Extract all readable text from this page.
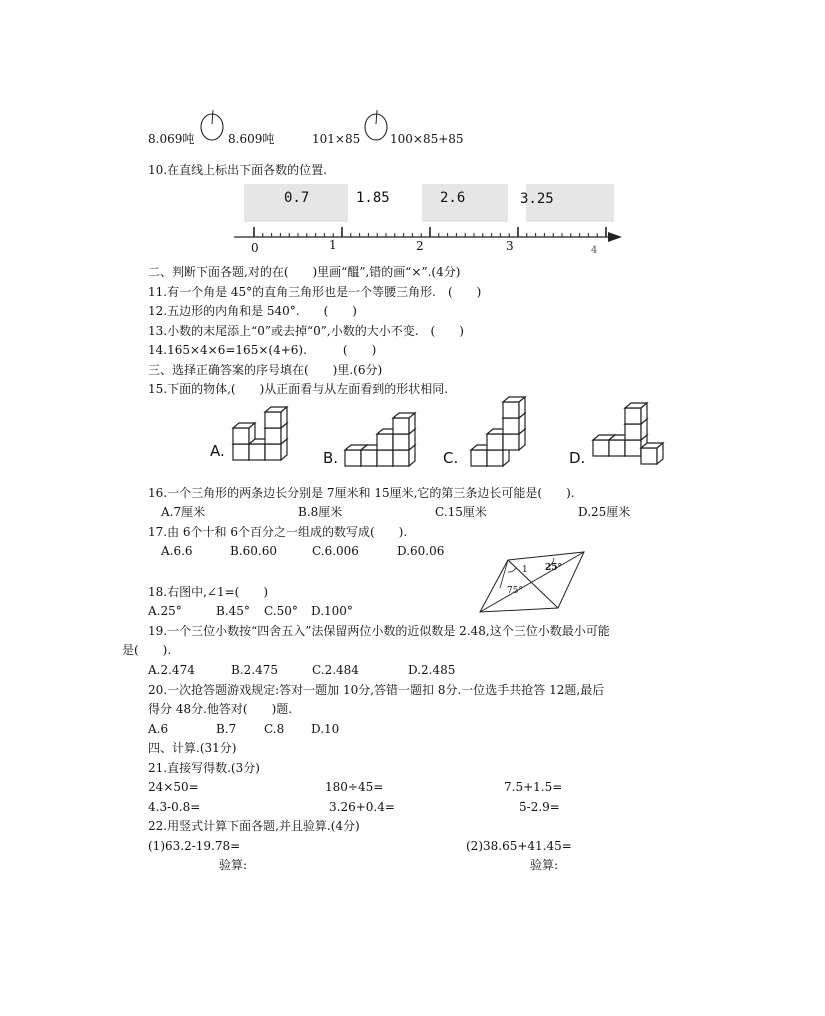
8.069吨	8.609吨	101×85 100×85+85
10.在直线上标出下面各数的位置.
0.7	1.85	2.6	3.25
0	1	2	3	4
二、判断下面各题,对的在(　　)里画“醞”,错的画“×”.(4分)
11.有一个角是 45°的直角三角形也是一个等腰三角形.　(　　)
12.五边形的内角和是 540°.　　(　　)
13.小数的末尾添上“0”或去掉“0”,小数的大小不变.　(　　)
14.165×4×6=165×(4+6).　　　(　　)
三、选择正确答案的序号填在(　　)里.(6分)
15.下面的物体,(　　)从正面看与从左面看到的形状相同.
A.	B.	C.	D.
16.一个三角形的两条边长分别是 7厘米和 15厘米,它的第三条边长可能是(　　).
A.7厘米	B.8厘米	C.15厘米	D.25厘米
17.由 6个十和 6个百分之一组成的数写成(　　).
A.6.6	B.60.60	C.6.006	D.60.06
18.右图中,∠1=(　　)
A.25°	B.45° C.50° D.100°
1 25°
75°
19.一个三位小数按“四舍五入”法保留两位小数的近似数是 2.48,这个三位小数最小可能
是(　　).
A.2.474	B.2.475	C.2.484	D.2.485
20.一次抢答题游戏规定:答对一题加 10分,答错一题扣 8分.一位选手共抢答 12题,最后
得分 48分.他答对(　　)题.
A.6	B.7 C.8 D.10
四、计算.(31分)
21.直接写得数.(3分)
24×50=	180÷45=	7.5+1.5=
4.3-0.8=	3.26+0.4=	5-2.9=
22.用竖式计算下面各题,并且验算.(4分)
(1)63.2-19.78=	(2)38.65+41.45=
验算:	验算:
